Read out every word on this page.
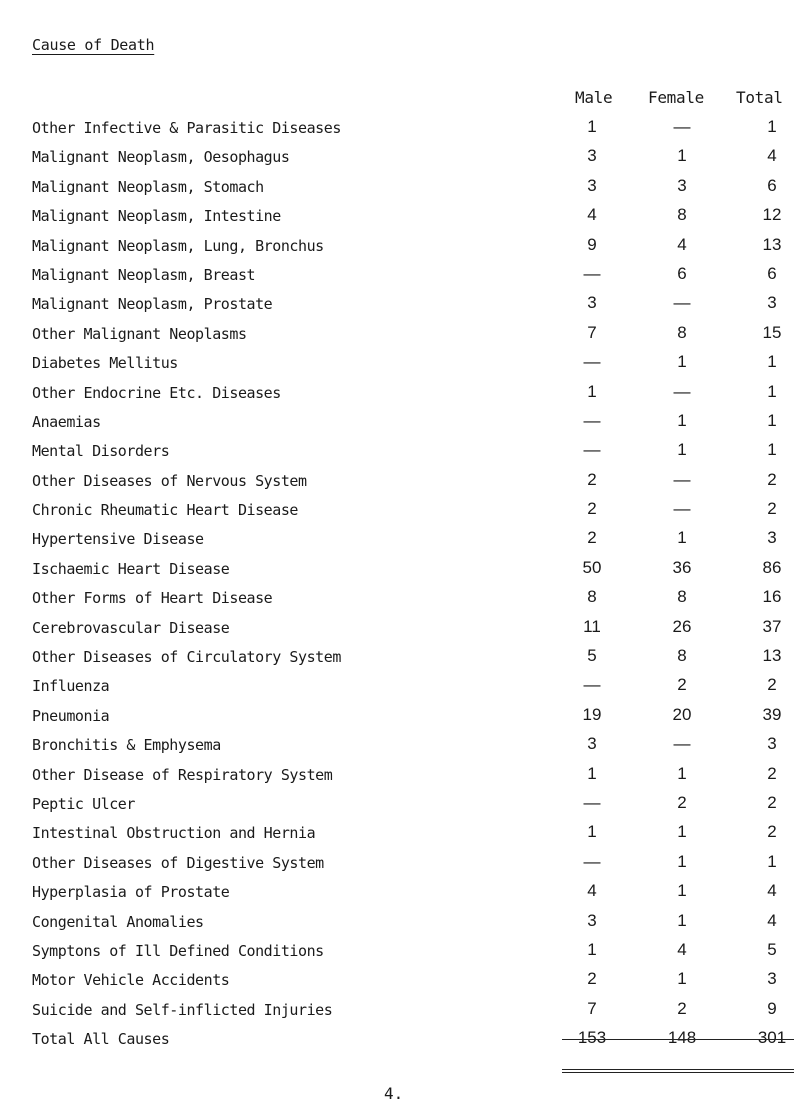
Cause of Death
Male Female Total
Other Infective & Parasitic Diseases	1	—	1
Malignant Neoplasm, Oesophagus	3	1	4
Malignant Neoplasm, Stomach	3	3	6
Malignant Neoplasm, Intestine	4	8	12
Malignant Neoplasm, Lung, Bronchus	9	4	13
Malignant Neoplasm, Breast	—	6	6
Malignant Neoplasm, Prostate	3	—	3
Other Malignant Neoplasms	7	8	15
Diabetes Mellitus	—	1	1
Other Endocrine Etc. Diseases	1	—	1
Anaemias	—	1	1
Mental Disorders	—	1	1
Other Diseases of Nervous System	2	—	2
Chronic Rheumatic Heart Disease	2	—	2
Hypertensive Disease	2	1	3
Ischaemic Heart Disease	50	36	86
Other Forms of Heart Disease	8	8	16
Cerebrovascular Disease	11	26	37
Other Diseases of Circulatory System	5	8	13
Influenza	—	2	2
Pneumonia	19	20	39
Bronchitis & Emphysema	3	—	3
Other Disease of Respiratory System	1	1	2
Peptic Ulcer	—	2	2
Intestinal Obstruction and Hernia	1	1	2
Other Diseases of Digestive System	—	1	1
Hyperplasia of Prostate	4	1	4
Congenital Anomalies	3	1	4
Symptons of Ill Defined Conditions	1	4	5
Motor Vehicle Accidents	2	1	3
Suicide and Self-inflicted Injuries	7	2	9
Total All Causes	153	148	301
4.
